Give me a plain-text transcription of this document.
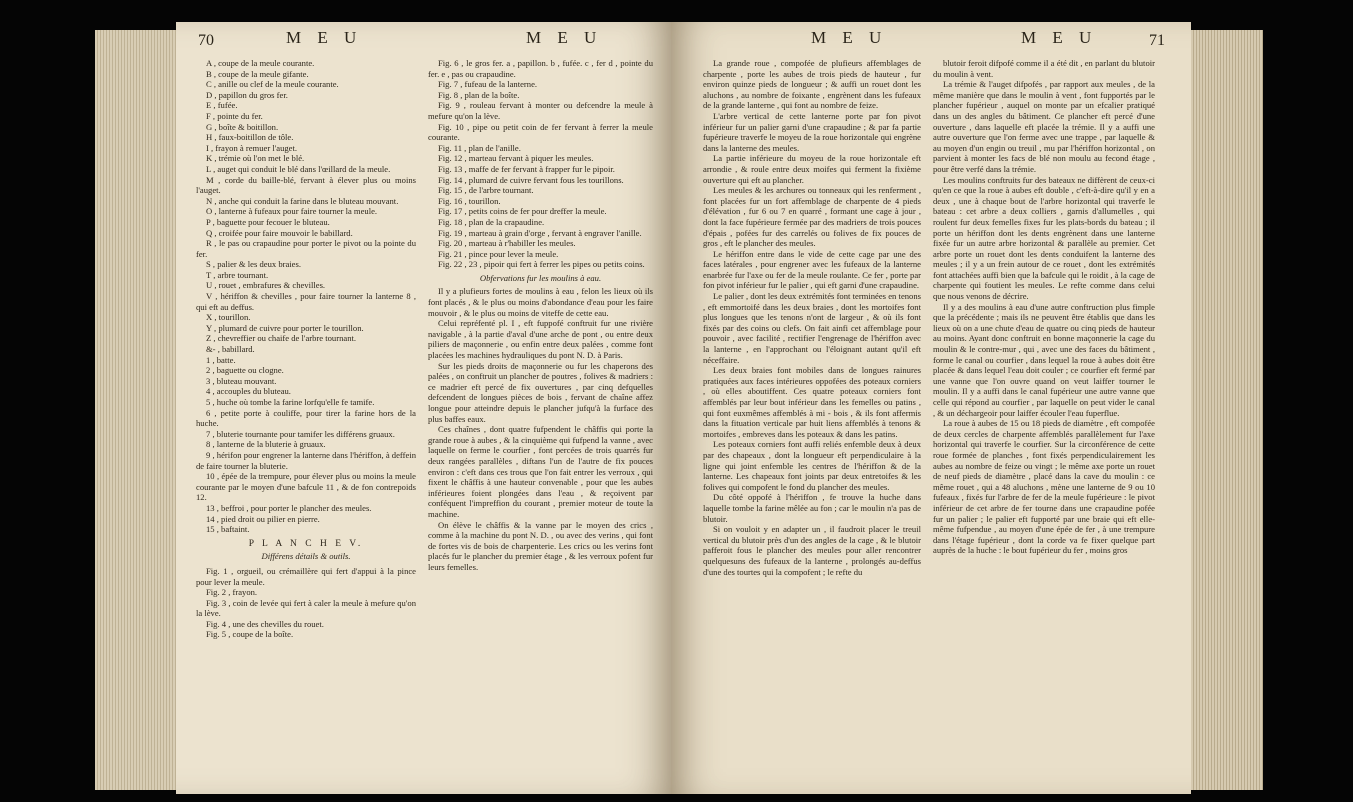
70	M E U	M E U

A , coupe de la meule courante.

B , coupe de la meule gifante.

C , anille ou clef de la meule courante.

D , papillon du gros fer.

E , fufée.

F , pointe du fer.

G , boîte & boitillon.

H , faux-boitillon de tôle.

I , frayon à remuer l'auget.

K , trémie où l'on met le blé.

L , auget qui conduit le blé dans l'œillard de la meule.

M , corde du baille-blé, fervant à élever plus ou moins l'auget.

N , anche qui conduit la farine dans le bluteau mouvant.

O , lanterne à fufeaux pour faire tourner la meule.

P , baguette pour fecouer le bluteau.

Q , croifée pour faire mouvoir le babillard.

R , le pas ou crapaudine pour porter le pivot ou la pointe du fer.

S , palier & les deux braies.

T , arbre tournant.

U , rouet , embrafures & chevilles.

V , hériffon & chevilles , pour faire tourner la lanterne 8 , qui eft au deffus.

X , tourillon.

Y , plumard de cuivre pour porter le tourillon.

Z , chevreffier ou chaife de l'arbre tournant.

&- , babillard.

1 , batte.

2 , baguette ou clogne.

3 , bluteau mouvant.

4 , accouples du bluteau.

5 , huche où tombe la farine lorfqu'elle fe tamife.

6 , petite porte à couliffe, pour tirer la farine hors de la huche.

7 , bluterie tournante pour tamifer les différens gruaux.

8 , lanterne de la bluterie à gruaux.

9 , hérifon pour engrener la lanterne dans l'hériffon, à deffein de faire tourner la bluterie.

10 , épée de la trempure, pour élever plus ou moins la meule courante par le moyen d'une bafcule 11 , & de fon contrepoids 12.

13 , beffroi , pour porter le plancher des meules.

14 , pied droit ou pilier en pierre.

15 , baftaint.

P L A N C H E V.

Différens détails & outils.

Fig. 1 , orgueil, ou crémaillère qui fert d'appui à la pince pour lever la meule.

Fig. 2 , frayon.

Fig. 3 , coin de levée qui fert à caler la meule à mefure qu'on la lève.

Fig. 4 , une des chevilles du rouet.

Fig. 5 , coupe de la boîte.

Fig. 6 , le gros fer. a , papillon. b , fufée. c , fer d , pointe du fer. e , pas ou crapaudine.

Fig. 7 , fufeau de la lanterne.

Fig. 8 , plan de la boîte.

Fig. 9 , rouleau fervant à monter ou defcendre la meule à mefure qu'on la lève.

Fig. 10 , pipe ou petit coin de fer fervant à ferrer la meule courante.

Fig. 11 , plan de l'anille.

Fig. 12 , marteau fervant à piquer les meules.

Fig. 13 , maffe de fer fervant à frapper fur le pipoir.

Fig. 14 , plumard de cuivre fervant fous les tourillons.

Fig. 15 , de l'arbre tournant.

Fig. 16 , tourillon.

Fig. 17 , petits coins de fer pour dreffer la meule.

Fig. 18 , plan de la crapaudine.

Fig. 19 , marteau à grain d'orge , fervant à engraver l'anille.

Fig. 20 , marteau à r'habiller les meules.

Fig. 21 , pince pour lever la meule.

Fig. 22 , 23 , pipoir qui fert à ferrer les pipes ou petits coins.

Obfervations fur les moulins à eau.

Il y a plufieurs fortes de moulins à eau , felon les lieux où ils font placés , & le plus ou moins d'abondance d'eau pour les faire mouvoir , & le plus ou moins de viteffe de cette eau.

Celui repréfenté pl. I , eft fuppofé conftruit fur une rivière navigable , à la partie d'aval d'une arche de pont , ou entre deux piliers de maçonnerie , ou enfin entre deux palées , comme font placées les machines hydrauliques du pont N. D. à Paris.

Sur les pieds droits de maçonnerie ou fur les chaperons des palées , on conftruit un plancher de poutres , folives & madriers : ce madrier eft percé de fix ouvertures , par cinq defquelles defcendent de longues pièces de bois , fervant de chaîne affez longue pour atteindre depuis le plancher jufqu'à la furface des plus baffes eaux.

Ces chaînes , dont quatre fufpendent le châffis qui porte la grande roue à aubes , & la cinquième qui fufpend la vanne , avec laquelle on ferme le courfier , font percées de trois quarrés fur deux rangées parallèles , diftans l'un de l'autre de fix pouces environ : c'eft dans ces trous que l'on fait entrer les verroux , qui fixent le châffis à une hauteur convenable , pour que les aubes inférieures foient plongées dans l'eau , & reçoivent par conféquent l'impreffion du courant , premier moteur de toute la machine.

On élève le châffis & la vanne par le moyen des crics , comme à la machine du pont N. D. , ou avec des verins , qui font de fortes vis de bois de charpenterie. Les crics ou les verins font placés fur le plancher du premier étage , & les verroux pofent fur leurs femelles.

M E U	M E U	71

La grande roue , compofée de plufieurs affemblages de charpente , porte les aubes de trois pieds de hauteur , fur environ quinze pieds de longueur ; & auffi un rouet dont les aluchons , au nombre de foixante , engrènent dans les fufeaux de la grande lanterne , qui font au nombre de feize.

L'arbre vertical de cette lanterne porte par fon pivot inférieur fur un palier garni d'une crapaudine ; & par fa partie fupérieure traverfe le moyeu de la roue horizontale qui engrène dans la lanterne des meules.

La partie inférieure du moyeu de la roue horizontale eft arrondie , & roule entre deux moifes qui ferment la fixième ouverture qui eft au plancher.

Les meules & les archures ou tonneaux qui les renferment , font placées fur un fort affemblage de charpente de 4 pieds d'élévation , fur 6 ou 7 en quarré , formant une cage à jour , dont la face fupérieure fermée par des madriers de trois pouces d'épais , pofées fur des carrelés ou folives de fix pouces de gros , eft le plancher des meules.

Le hériffon entre dans le vide de cette cage par une des faces latérales , pour engrener avec les fufeaux de la lanterne enarbrée fur l'axe ou fer de la meule roulante. Ce fer , porte par fon pivot inférieur fur le palier , qui eft garni d'une crapaudine.

Le palier , dont les deux extrémités font terminées en tenons , eft emmortoifé dans les deux braies , dont les mortoifes font plus longues que les tenons n'ont de largeur , & où ils font fixés par des coins ou clefs. On fait ainfi cet affemblage pour pouvoir , avec facilité , rectifier l'engrenage de l'hériffon avec la lanterne , en l'approchant ou l'éloignant autant qu'il eft néceffaire.

Les deux braies font mobiles dans de longues rainures pratiquées aux faces intérieures oppofées des poteaux corniers , où elles aboutiffent. Ces quatre poteaux corniers font affemblés par leur bout inférieur dans les femelles ou patins , qui font euxmêmes affemblés à mi - bois , & ils font affermis dans la fituation verticale par huit liens affemblés à tenons & mortoifes , embreves dans les poteaux & dans les patins.

Les poteaux corniers font auffi reliés enfemble deux à deux par des chapeaux , dont la longueur eft perpendiculaire à la ligne qui joint enfemble les centres de l'hériffon & de la lanterne. Les chapeaux font joints par deux entretoifes & les folives qui compofent le fond du plancher des meules.

Du côté oppofé à l'hériffon , fe trouve la huche dans laquelle tombe la farine mêlée au fon ; car le moulin n'a pas de blutoir.

Si on vouloit y en adapter un , il faudroit placer le treuil vertical du blutoir près d'un des angles de la cage , & le blutoir pafferoit fous le plancher des meules pour aller rencontrer quelquesuns des fufeaux de la lanterne , prolongés au-deffus d'une des tourtes qui la compofent ; le refte du

blutoir feroit difpofé comme il a été dit , en parlant du blutoir du moulin à vent.

La trémie & l'auget difpofés , par rapport aux meules , de la même manière que dans le moulin à vent , font fupportés par le plancher fupérieur , auquel on monte par un efcalier pratiqué dans un des angles du bâtiment. Ce plancher eft percé d'une ouverture , dans laquelle eft placée la trémie. Il y a auffi une autre ouverture que l'on ferme avec une trappe , par laquelle & au moyen d'un engin ou treuil , mu par l'hériffon horizontal , on parvient à monter les facs de blé non moulu au fecond étage , pour être verfé dans la trémie.

Les moulins conftruits fur des bateaux ne diffèrent de ceux-ci qu'en ce que la roue à aubes eft double , c'eft-à-dire qu'il y en a deux , une à chaque bout de l'arbre horizontal qui traverfe le bateau : cet arbre a deux colliers , garnis d'allumelles , qui roulent fur deux femelles fixes fur les plats-bords du bateau ; il porte un hériffon dont les dents engrènent dans une lanterne fixée fur un autre arbre horizontal & parallèle au premier. Cet arbre porte un rouet dont les dents conduifent la lanterne des meules ; il y a un frein autour de ce rouet , dont les extrémités font attachées auffi bien que la bafcule qui le roidit , à la cage de charpente qui foutient les meules. Le refte comme dans celui que nous venons de décrire.

Il y a des moulins à eau d'une autre conftruction plus fimple que la précédente ; mais ils ne peuvent être établis que dans les lieux où on a une chute d'eau de quatre ou cinq pieds de hauteur au moins. Ayant donc conftruit en bonne maçonnerie la cage du moulin & le contre-mur , qui , avec une des faces du bâtiment , forme le canal ou courfier , dans lequel la roue à aubes doit être placée & dans lequel l'eau doit couler ; ce courfier eft fermé par une vanne que l'on ouvre quand on veut laiffer tourner le moulin. Il y a auffi dans le canal fupérieur une autre vanne que celle qui répond au courfier , par laquelle on peut vider le canal , & un déchargeoir pour laiffer écouler l'eau fuperflue.

La roue à aubes de 15 ou 18 pieds de diamètre , eft compofée de deux cercles de charpente affemblés parallèlement fur l'axe horizontal qui traverfe le courfier. Sur la circonférence de cette roue formée de planches , font fixés perpendiculairement les aubes au nombre de feize ou vingt ; le même axe porte un rouet de neuf pieds de diamètre , placé dans la cave du moulin : ce même rouet , qui a 48 aluchons , mène une lanterne de 9 ou 10 fufeaux , fixés fur l'arbre de fer de la meule fupérieure : le pivot inférieur de cet arbre de fer tourne dans une crapaudine pofée fur un palier ; le palier eft fupporté par une braie qui eft elle-même fufpendue , au moyen d'une épée de fer , à une trempure dans l'étage fupérieur , dont la corde va fe fixer quelque part auprès de la huche : le bout fupérieur du fer , moins gros
